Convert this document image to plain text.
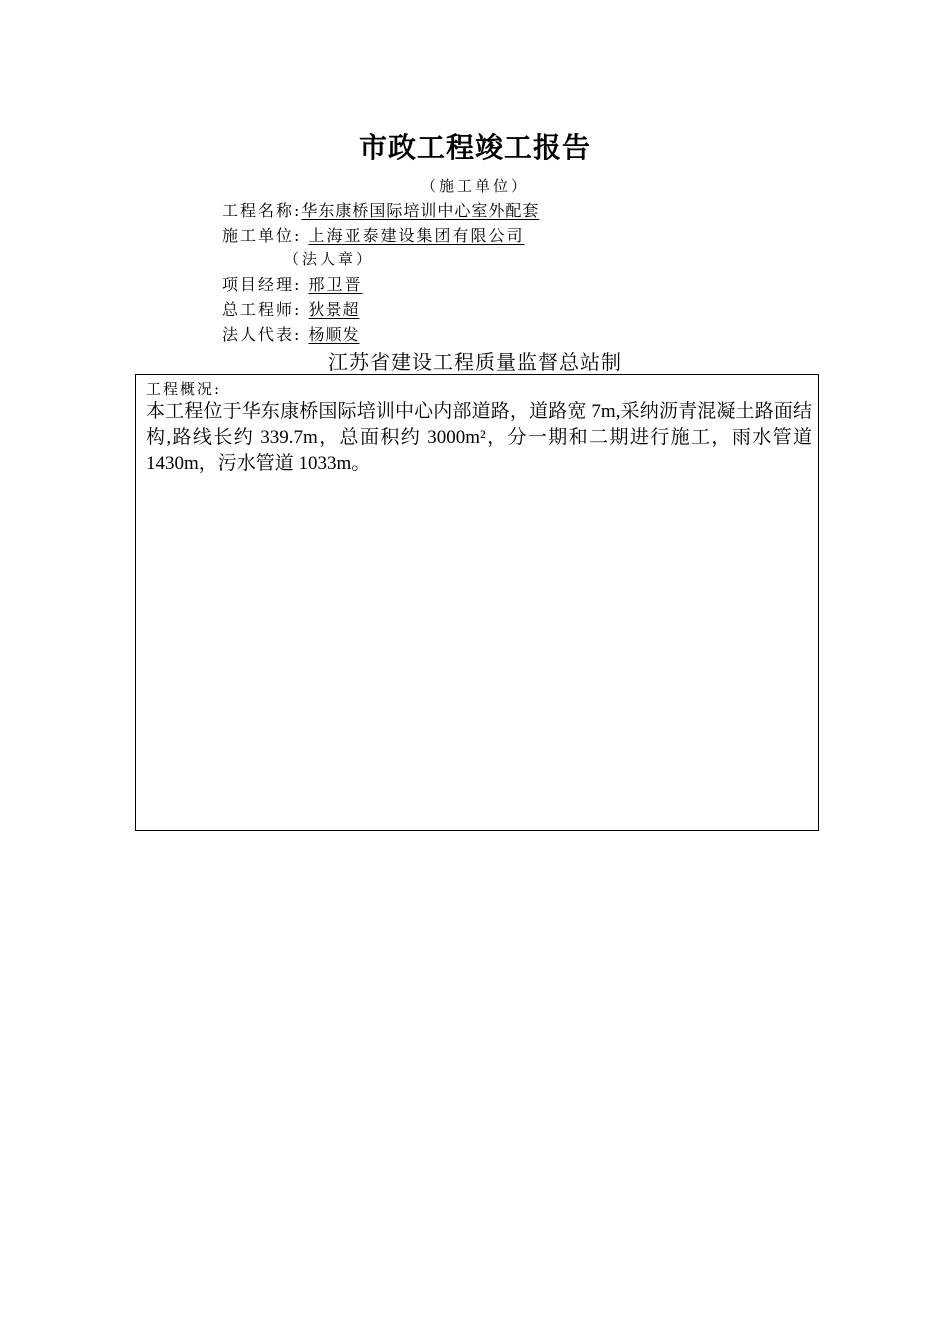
市政工程竣工报告
（施工单位）
工程名称:华东康桥国际培训中心室外配套
施工单位: 上海亚泰建设集团有限公司
（法人章）
项目经理: 邢卫晋
总工程师: 狄景超
法人代表: 杨顺发
江苏省建设工程质量监督总站制
工程概况:

本工程位于华东康桥国际培训中心内部道路，道路宽 7m,采纳沥青混凝土路面结构,路线长约 339.7m，总面积约 3000m²，分一期和二期进行施工，雨水管道 1430m，污水管道 1033m。
